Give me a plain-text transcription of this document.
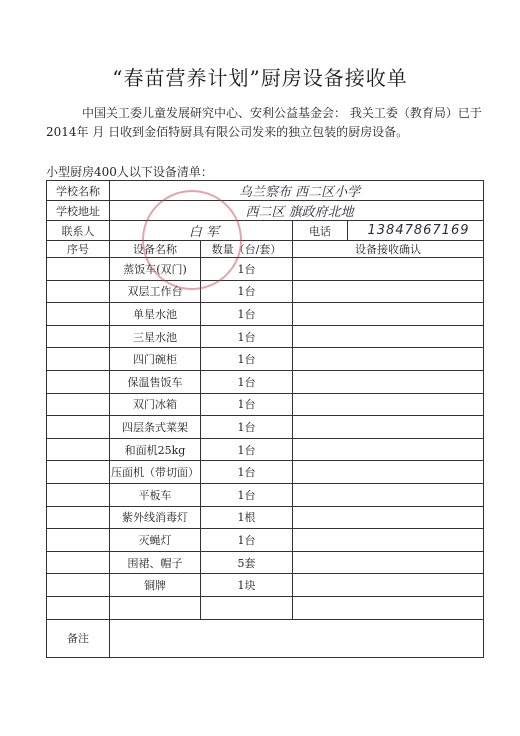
“春苗营养计划”厨房设备接收单
中国关工委儿童发展研究中心、安利公益基金会： 我关工委（教育局）已于2014年 月 日收到金佰特厨具有限公司发来的独立包装的厨房设备。
小型厨房400人以下设备清单：
学校名称	乌兰察布 西二区小学			
学校地址	西二区 旗政府北地			
联系人	白 军		电话	13847867169
序号	设备名称	数量（台/套）	设备接收确认	
	蒸饭车(双门)	1台		
	双层工作台	1台		
	单星水池	1台		
	三星水池	1台		
	四门碗柜	1台		
	保温售饭车	1台		
	双门冰箱	1台		
	四层条式菜架	1台		
	和面机25kg	1台		
	压面机（带切面）	1台		
	平板车	1台		
	紫外线消毒灯	1根		
	灭蝇灯	1台		
	围裙、帽子	5套		
	铜牌	1块		

备注				
